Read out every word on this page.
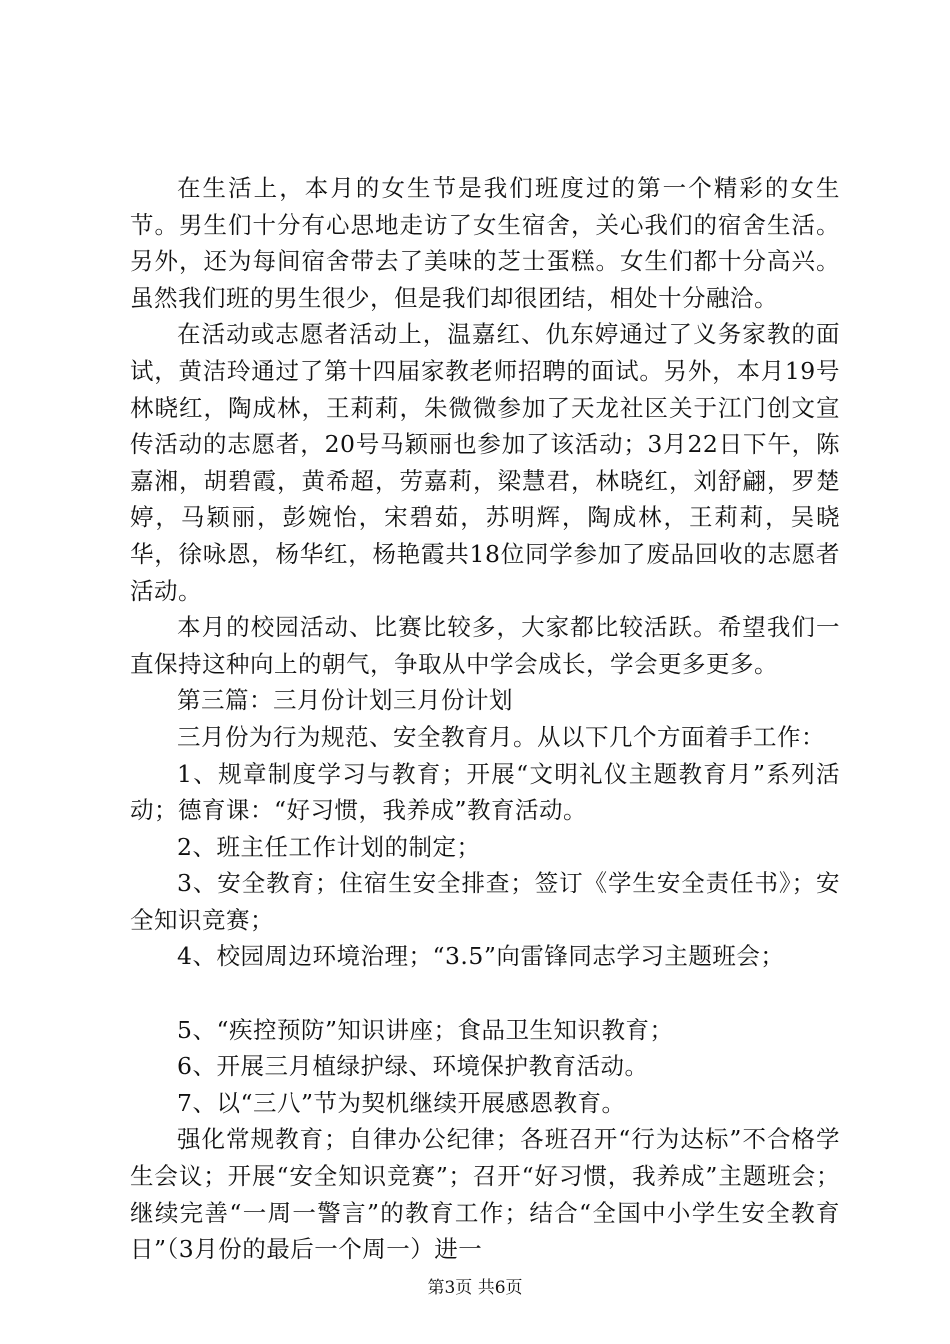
在生活上，本月的女生节是我们班度过的第一个精彩的女生节。男生们十分有心思地走访了女生宿舍，关心我们的宿舍生活。另外，还为每间宿舍带去了美味的芝士蛋糕。女生们都十分高兴。虽然我们班的男生很少，但是我们却很团结，相处十分融洽。

在活动或志愿者活动上，温嘉红、仇东婷通过了义务家教的面试，黄洁玲通过了第十四届家教老师招聘的面试。另外，本月19号林晓红，陶成林，王莉莉，朱微微参加了天龙社区关于江门创文宣传活动的志愿者，20号马颖丽也参加了该活动；3月22日下午，陈嘉湘，胡碧霞，黄希超，劳嘉莉，梁慧君，林晓红，刘舒翩，罗楚婷，马颖丽，彭婉怡，宋碧茹，苏明辉，陶成林，王莉莉，吴晓华，徐咏恩，杨华红，杨艳霞共18位同学参加了废品回收的志愿者活动。

本月的校园活动、比赛比较多，大家都比较活跃。希望我们一直保持这种向上的朝气，争取从中学会成长，学会更多更多。

第三篇：三月份计划三月份计划

三月份为行为规范、安全教育月。从以下几个方面着手工作：

1、规章制度学习与教育；开展“文明礼仪主题教育月”系列活动；德育课：“好习惯，我养成”教育活动。

2、班主任工作计划的制定；

3、安全教育；住宿生安全排查；签订《学生安全责任书》；安全知识竞赛；

4、校园周边环境治理；“3.5”向雷锋同志学习主题班会；

5、“疾控预防”知识讲座；食品卫生知识教育；

6、开展三月植绿护绿、环境保护教育活动。

7、以“三八”节为契机继续开展感恩教育。

强化常规教育；自律办公纪律；各班召开“行为达标”不合格学生会议；开展“安全知识竞赛”；召开“好习惯，我养成”主题班会；继续完善“一周一警言”的教育工作；结合“全国中小学生安全教育日”（3月份的最后一个周一）进一

第3页 共6页
